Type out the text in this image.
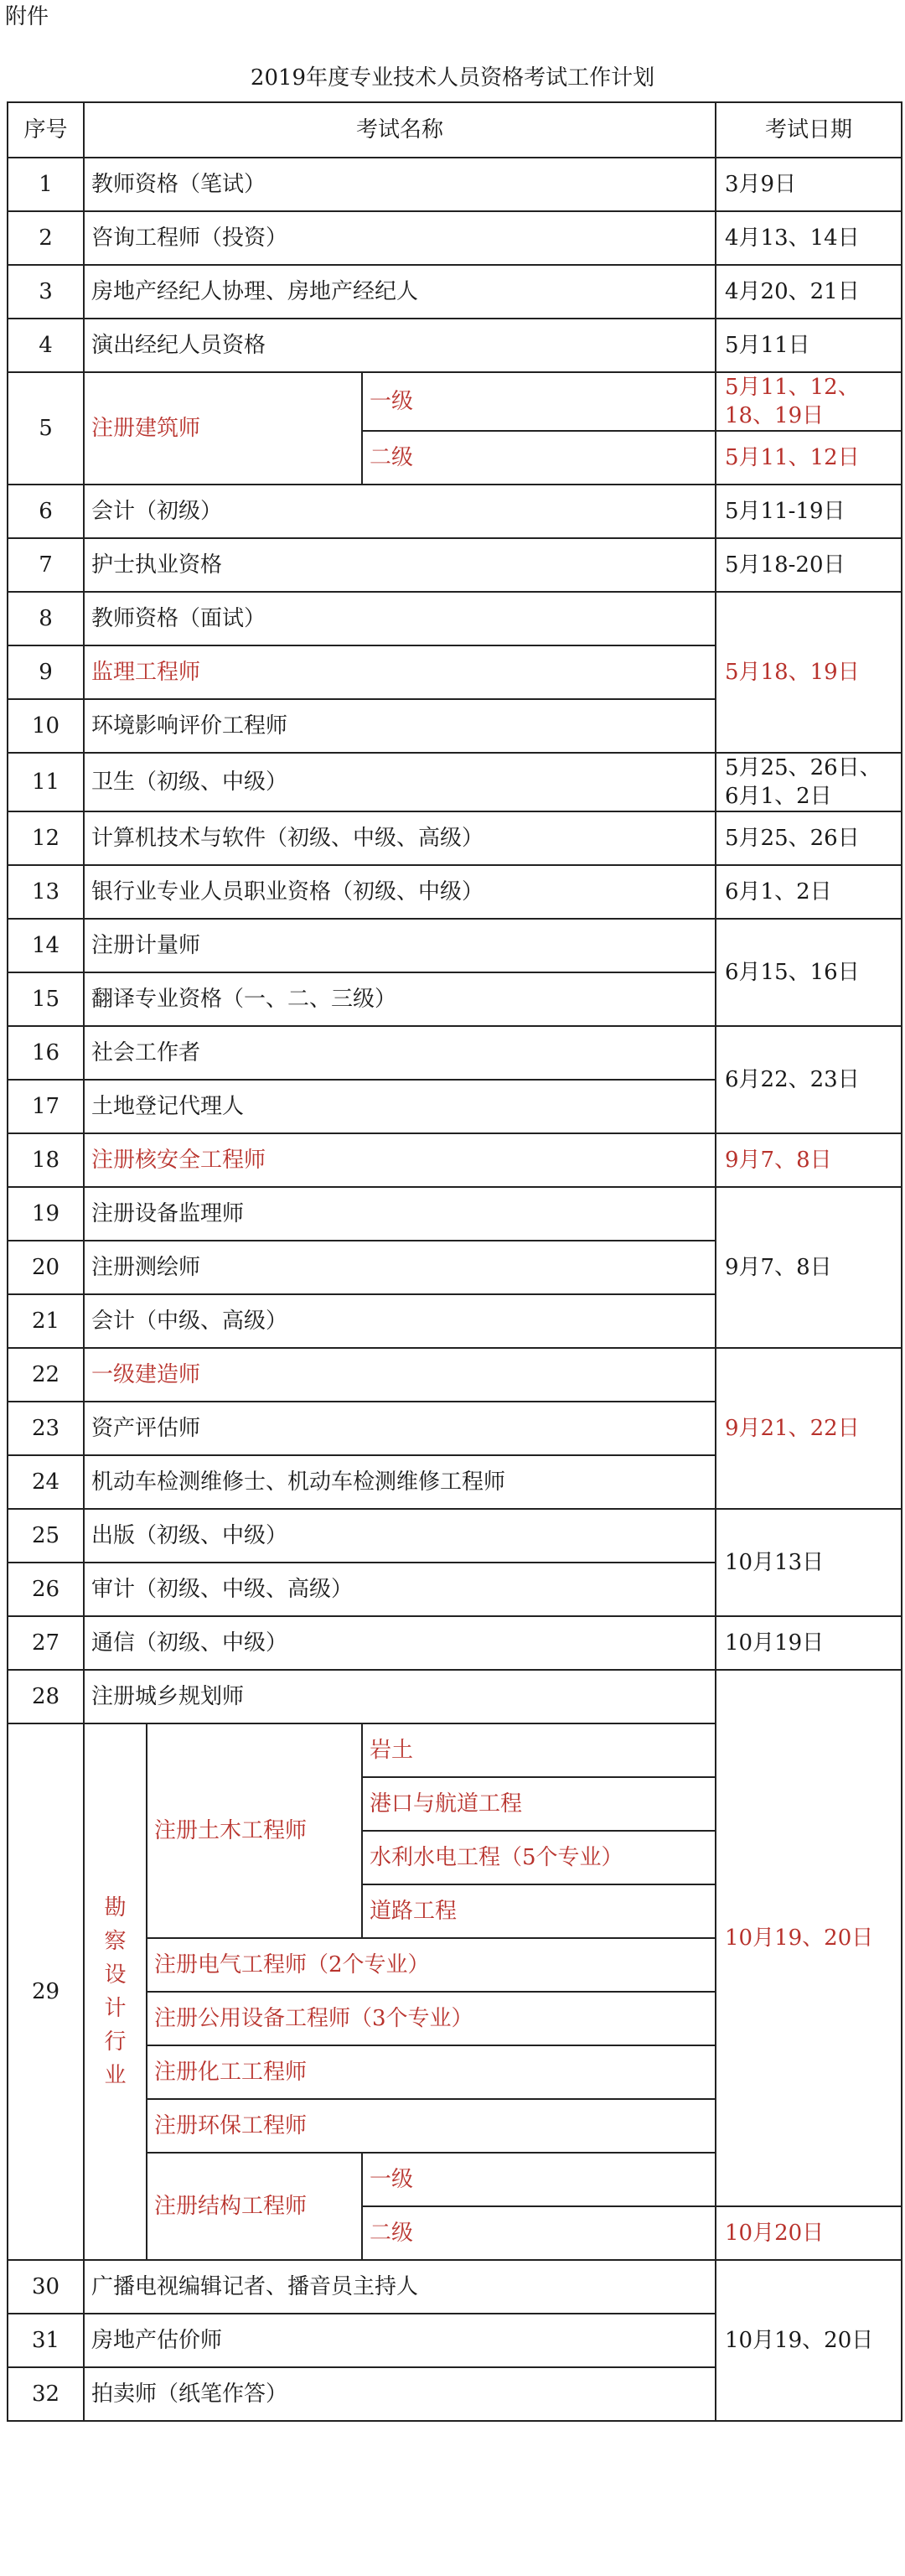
附件
2019年度专业技术人员资格考试工作计划
序号	考试名称			考试日期
1	教师资格（笔试）			3月9日
2	咨询工程师（投资）			4月13、14日
3	房地产经纪人协理、房地产经纪人			4月20、21日
4	演出经纪人员资格			5月11日
5	注册建筑师		一级	5月11、12、18、19日
			二级	5月11、12日
6	会计（初级）			5月11-19日
7	护士执业资格			5月18-20日
8	教师资格（面试）			5月18、19日
9	监理工程师			
10	环境影响评价工程师			
11	卫生（初级、中级）			5月25、26日、6月1、2日
12	计算机技术与软件（初级、中级、高级）			5月25、26日
13	银行业专业人员职业资格（初级、中级）			6月1、2日
14	注册计量师			6月15、16日
15	翻译专业资格（一、二、三级）			
16	社会工作者			6月22、23日
17	土地登记代理人			
18	注册核安全工程师			9月7、8日
19	注册设备监理师			9月7、8日
20	注册测绘师			
21	会计（中级、高级）			
22	一级建造师			9月21、22日
23	资产评估师			
24	机动车检测维修士、机动车检测维修工程师			
25	出版（初级、中级）			10月13日
26	审计（初级、中级、高级）			
27	通信（初级、中级）			10月19日
28	注册城乡规划师			10月19、20日
29	勘察设计行业	注册土木工程师	岩土	
			港口与航道工程	
			水利水电工程（5个专业）	
			道路工程	
		注册电气工程师（2个专业）		
		注册公用设备工程师（3个专业）		
		注册化工工程师		
		注册环保工程师		
		注册结构工程师	一级	
			二级	10月20日
30	广播电视编辑记者、播音员主持人			10月19、20日
31	房地产估价师			
32	拍卖师（纸笔作答）			
